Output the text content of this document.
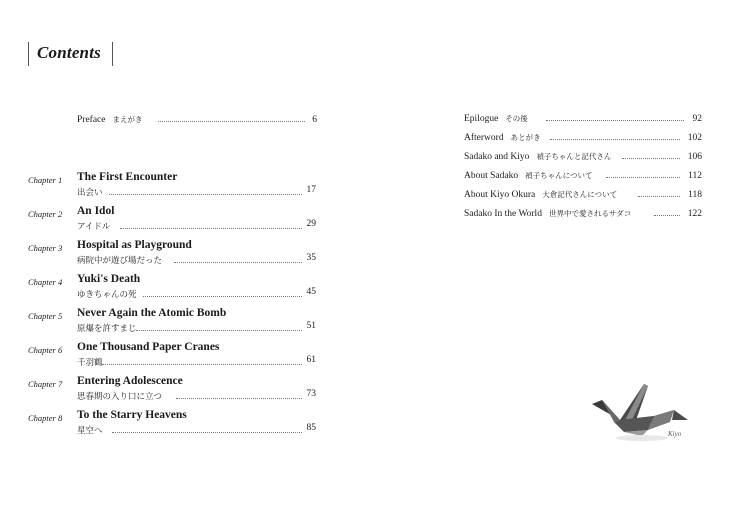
Contents
Preface まえがき	6
Chapter 1 The First Encounter
出会い	17
Chapter 2 An Idol
アイドル	29
Chapter 3 Hospital as Playground
病院中が遊び場だった	35
Chapter 4 Yuki's Death
ゆきちゃんの死	45
Chapter 5 Never Again the Atomic Bomb
原爆を許すまじ	51
Chapter 6 One Thousand Paper Cranes
千羽鶴	61
Chapter 7 Entering Adolescence
思春期の入り口に立つ	73
Chapter 8 To the Starry Heavens
星空へ	85
Epilogue その後	92
Afterword あとがき	102
Sadako and Kiyo 禎子ちゃんと記代さん	106
About Sadako 禎子ちゃんについて	112
About Kiyo Okura 大倉記代さんについて	118
Sadako In the World 世界中で愛されるサダコ	122
Kiyo
